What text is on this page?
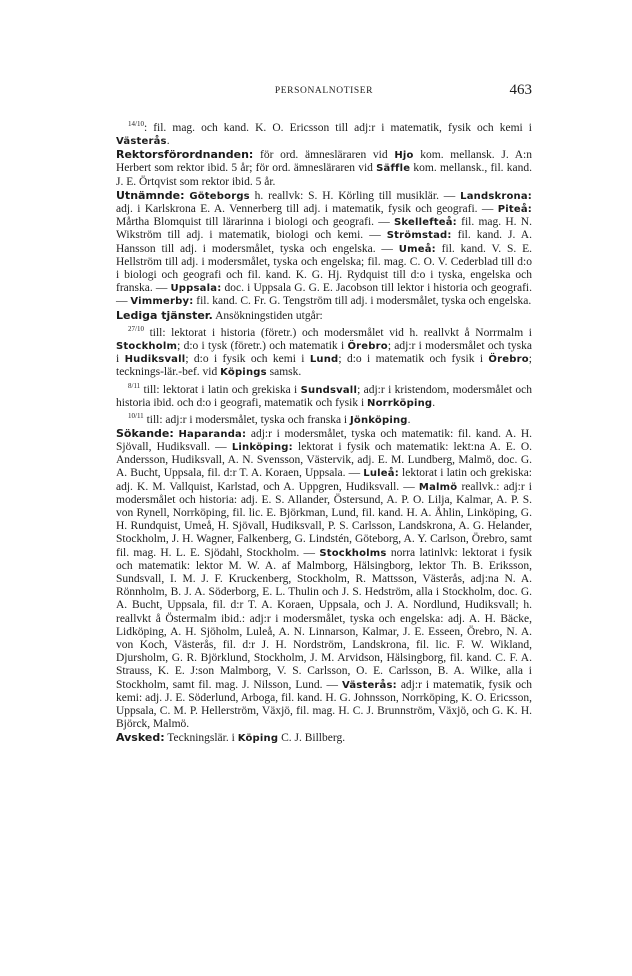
PERSONALNOTISER	463

$^{14/10}$: fil. mag. och kand. K. O. Ericsson till adj:r i matematik, fysik och kemi i Västerås.

Rektorsförordnanden: för ord. ämnesläraren vid Hjo kom. mellansk. J. A:n Herbert som rektor ibid. 5 år; för ord. ämnesläraren vid Säffle kom. mellansk., fil. kand. J. E. Örtqvist som rektor ibid. 5 år.

Utnämnde: Göteborgs h. reallvk: S. H. Körling till musiklär. — Landskrona: adj. i Karlskrona E. A. Vennerberg till adj. i matematik, fysik och geografi. — Piteå: Mårtha Blomquist till lärarinna i biologi och geografi. — Skellefteå: fil. mag. H. N. Wikström till adj. i matematik, biologi och kemi. — Strömstad: fil. kand. J. A. Hansson till adj. i modersmålet, tyska och engelska. — Umeå: fil. kand. V. S. E. Hellström till adj. i modersmålet, tyska och engelska; fil. mag. C. O. V. Cederblad till d:o i biologi och geografi och fil. kand. K. G. Hj. Rydquist till d:o i tyska, engelska och franska. — Uppsala: doc. i Uppsala G. G. E. Jacobson till lektor i historia och geografi. — Vimmerby: fil. kand. C. Fr. G. Tengström till adj. i modersmålet, tyska och engelska.

Lediga tjänster. Ansökningstiden utgår:

$^{27/10}$ till: lektorat i historia (företr.) och modersmålet vid h. reallvkt å Norrmalm i Stockholm; d:o i tysk (företr.) och matematik i Örebro; adj:r i modersmålet och tyska i Hudiksvall; d:o i fysik och kemi i Lund; d:o i matematik och fysik i Örebro; tecknings-lär.-bef. vid Köpings samsk.

$^{8/11}$ till: lektorat i latin och grekiska i Sundsvall; adj:r i kristendom, modersmålet och historia ibid. och d:o i geografi, matematik och fysik i Norrköping.

$^{10/11}$ till: adj:r i modersmålet, tyska och franska i Jönköping.

Sökande: Haparanda: adj:r i modersmålet, tyska och matematik: fil. kand. A. H. Sjövall, Hudiksvall. — Linköping: lektorat i fysik och matematik: lekt:na A. E. O. Andersson, Hudiksvall, A. N. Svensson, Västervik, adj. E. M. Lundberg, Malmö, doc. G. A. Bucht, Uppsala, fil. d:r T. A. Koraen, Uppsala. — Luleå: lektorat i latin och grekiska: adj. K. M. Vallquist, Karlstad, och A. Uppgren, Hudiksvall. — Malmö reallvk.: adj:r i modersmålet och historia: adj. E. S. Allander, Östersund, A. P. O. Lilja, Kalmar, A. P. S. von Rynell, Norrköping, fil. lic. E. Björkman, Lund, fil. kand. H. A. Åhlin, Linköping, G. H. Rundquist, Umeå, H. Sjövall, Hudiksvall, P. S. Carlsson, Landskrona, A. G. Helander, Stockholm, J. H. Wagner, Falkenberg, G. Lindstén, Göteborg, A. Y. Carlson, Örebro, samt fil. mag. H. L. E. Sjödahl, Stockholm. — Stockholms norra latinlvk: lektorat i fysik och matematik: lektor M. W. A. af Malmborg, Hälsingborg, lektor Th. B. Eriksson, Sundsvall, I. M. J. F. Kruckenberg, Stockholm, R. Mattsson, Västerås, adj:na N. A. Rönnholm, B. J. A. Söderborg, E. L. Thulin och J. S. Hedström, alla i Stockholm, doc. G. A. Bucht, Uppsala, fil. d:r T. A. Koraen, Uppsala, och J. A. Nordlund, Hudiksvall; h. reallvkt å Östermalm ibid.: adj:r i modersmålet, tyska och engelska: adj. A. H. Bäcke, Lidköping, A. H. Sjöholm, Luleå, A. N. Linnarson, Kalmar, J. E. Esseen, Örebro, N. A. von Koch, Västerås, fil. d:r J. H. Nordström, Landskrona, fil. lic. F. W. Wikland, Djursholm, G. R. Björklund, Stockholm, J. M. Arvidson, Hälsingborg, fil. kand. C. F. A. Strauss, K. E. J:son Malmborg, V. S. Carlsson, O. E. Carlsson, B. A. Wilke, alla i Stockholm, samt fil. mag. J. Nilsson, Lund. — Västerås: adj:r i matematik, fysik och kemi: adj. J. E. Söderlund, Arboga, fil. kand. H. G. Johnsson, Norrköping, K. O. Ericsson, Uppsala, C. M. P. Hellerström, Växjö, fil. mag. H. C. J. Brunnström, Växjö, och G. K. H. Björck, Malmö.

Avsked: Teckningslär. i Köping C. J. Billberg.
